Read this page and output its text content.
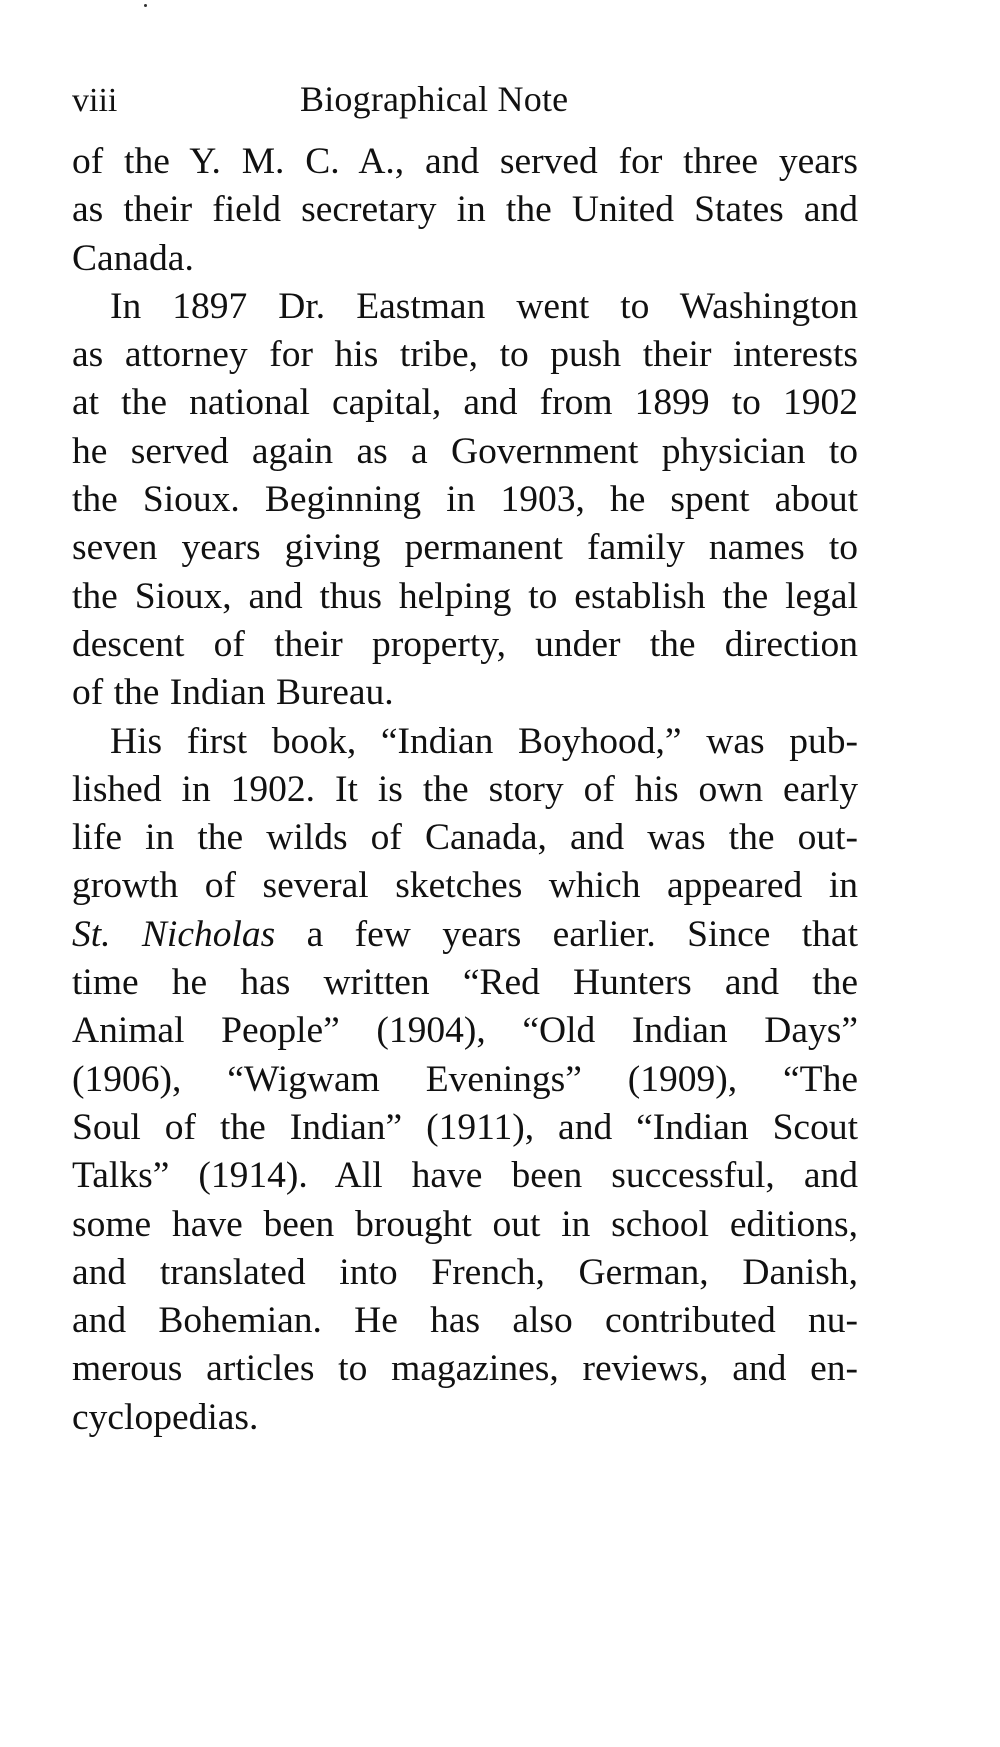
viii	Biographical Note
of the Y. M. C. A., and served for three years
as their field secretary in the United States and
Canada.
In 1897 Dr. Eastman went to Washington
as attorney for his tribe, to push their interests
at the national capital, and from 1899 to 1902
he served again as a Government physician to
the Sioux. Beginning in 1903, he spent about
seven years giving permanent family names to
the Sioux, and thus helping to establish the legal
descent of their property, under the direction
of the Indian Bureau.
His first book, “Indian Boyhood,” was pub-
lished in 1902. It is the story of his own early
life in the wilds of Canada, and was the out-
growth of several sketches which appeared in
St. Nicholas a few years earlier. Since that
time he has written “Red Hunters and the
Animal People” (1904), “Old Indian Days”
(1906), “Wigwam Evenings” (1909), “The
Soul of the Indian” (1911), and “Indian Scout
Talks” (1914). All have been successful, and
some have been brought out in school editions,
and translated into French, German, Danish,
and Bohemian. He has also contributed nu-
merous articles to magazines, reviews, and en-
cyclopedias.
